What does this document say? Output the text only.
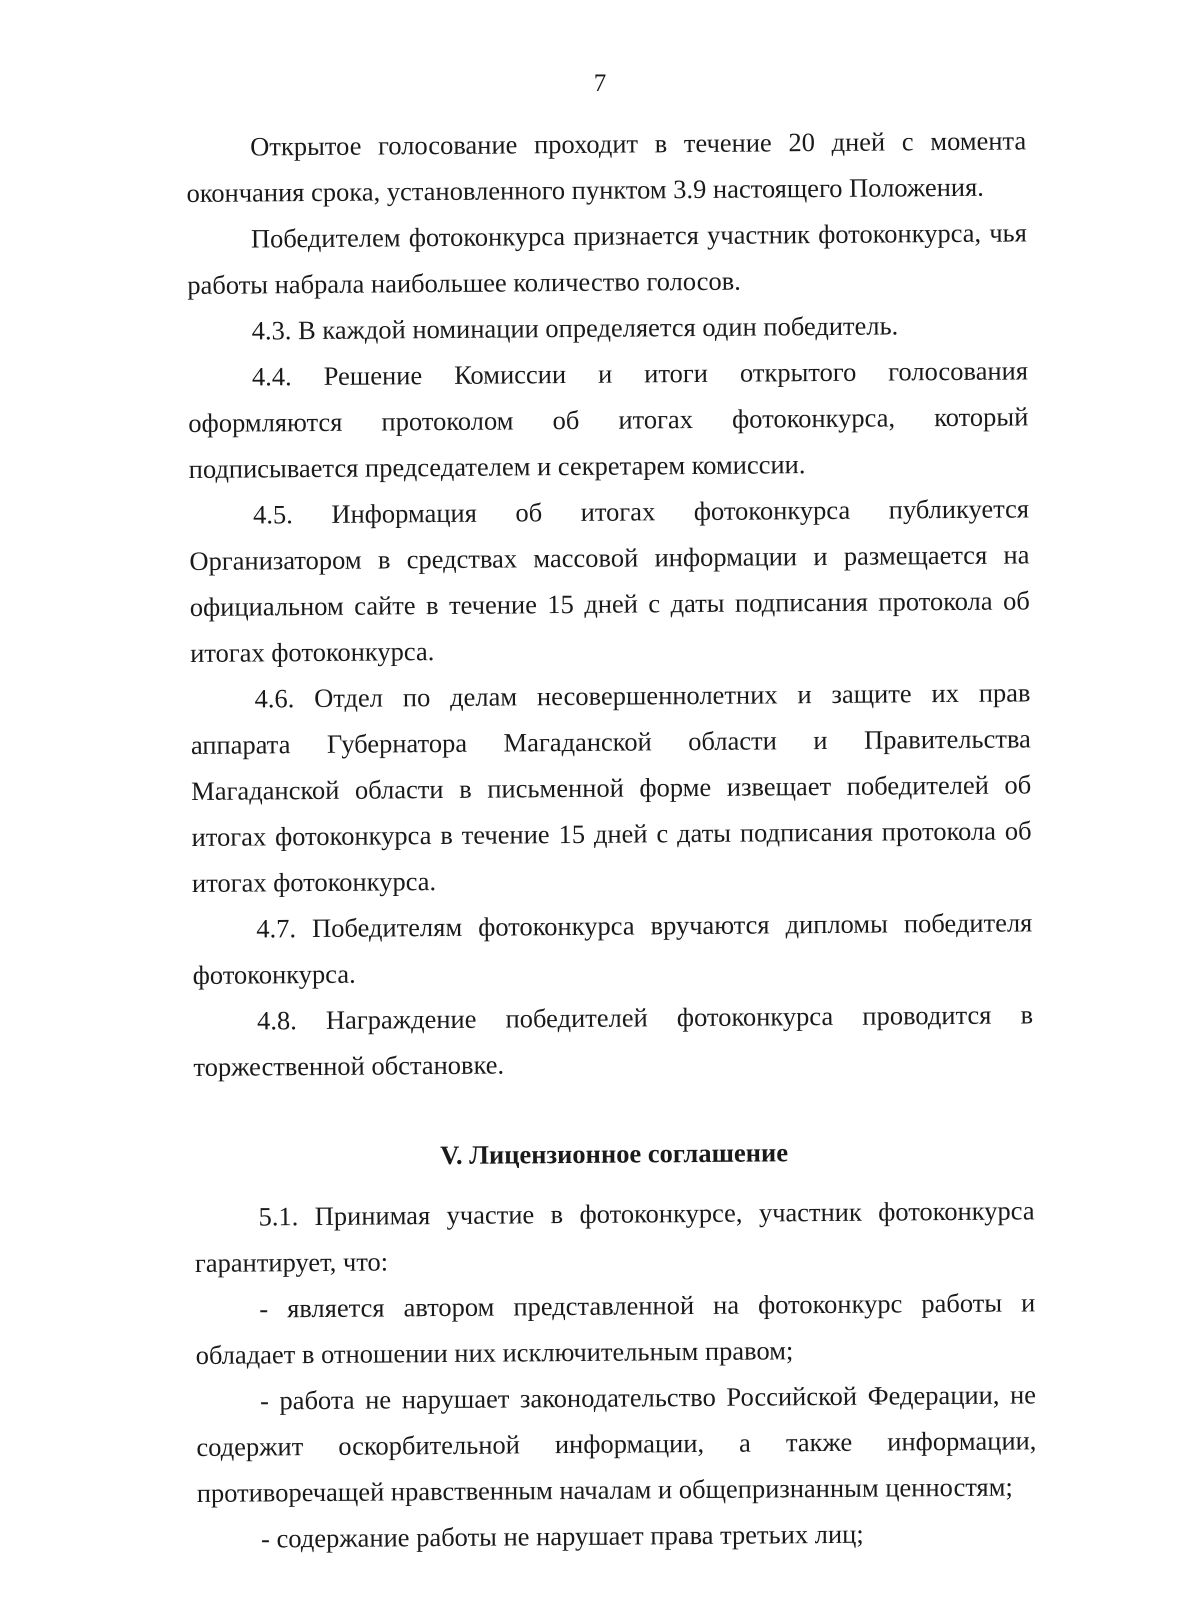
7

Открытое голосование проходит в течение 20 дней с момента окончания срока, установленного пунктом 3.9 настоящего Положения.

Победителем фотоконкурса признается участник фотоконкурса, чья работы набрала наибольшее количество голосов.

4.3. В каждой номинации определяется один победитель.

4.4. Решение Комиссии и итоги открытого голосования оформляются протоколом об итогах фотоконкурса, который подписывается председателем и секретарем комиссии.

4.5. Информация об итогах фотоконкурса публикуется Организатором в средствах массовой информации и размещается на официальном сайте в течение 15 дней с даты подписания протокола об итогах фотоконкурса.

4.6. Отдел по делам несовершеннолетних и защите их прав аппарата Губернатора Магаданской области и Правительства Магаданской области в письменной форме извещает победителей об итогах фотоконкурса в течение 15 дней с даты подписания протокола об итогах фотоконкурса.

4.7. Победителям фотоконкурса вручаются дипломы победителя фотоконкурса.

4.8. Награждение победителей фотоконкурса проводится в торжественной обстановке.

V. Лицензионное соглашение

5.1. Принимая участие в фотоконкурсе, участник фотоконкурса гарантирует, что:

- является автором представленной на фотоконкурс работы и обладает в отношении них исключительным правом;

- работа не нарушает законодательство Российской Федерации, не содержит оскорбительной информации, а также информации, противоречащей нравственным началам и общепризнанным ценностям;

- содержание работы не нарушает права третьих лиц;
